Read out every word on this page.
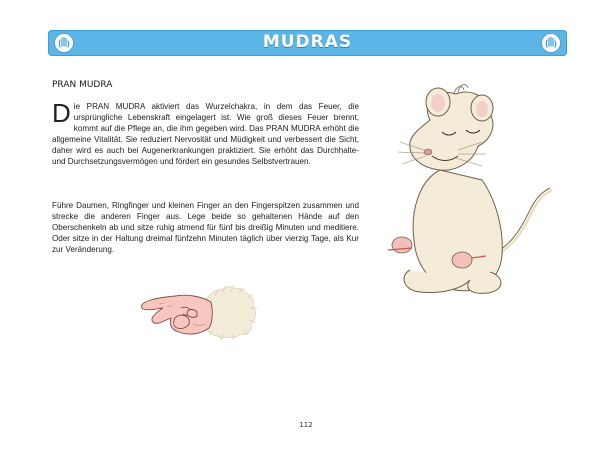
MUDRAS
PRAN MUDRA
Die PRAN MUDRA aktiviert das Wurzelchakra, in dem das Feuer, die ursprüngliche Lebenskraft eingelagert ist. Wie groß dieses Feuer brennt, kommt auf die Pflege an, die ihm gegeben wird. Das PRAN MUDRA erhöht die allgemeine Vitalität. Sie reduziert Nervosität und Müdigkeit und verbessert die Sicht, daher wird es auch bei Augenerkrankungen praktiziert. Sie erhöht das Durchhalte- und Durchsetzungsvermögen und fördert ein gesundes Selbstvertrauen.
Führe Daumen, Ringfinger und kleinen Finger an den Fingerspitzen zusammen und strecke die anderen Finger aus. Lege beide so gehaltenen Hände auf den Oberschenkeln ab und sitze ruhig atmend für fünf bis dreißig Minuten und meditiere. Oder sitze in der Haltung dreimal fünfzehn Minuten täglich über vierzig Tage, als Kur zur Veränderung.
112
